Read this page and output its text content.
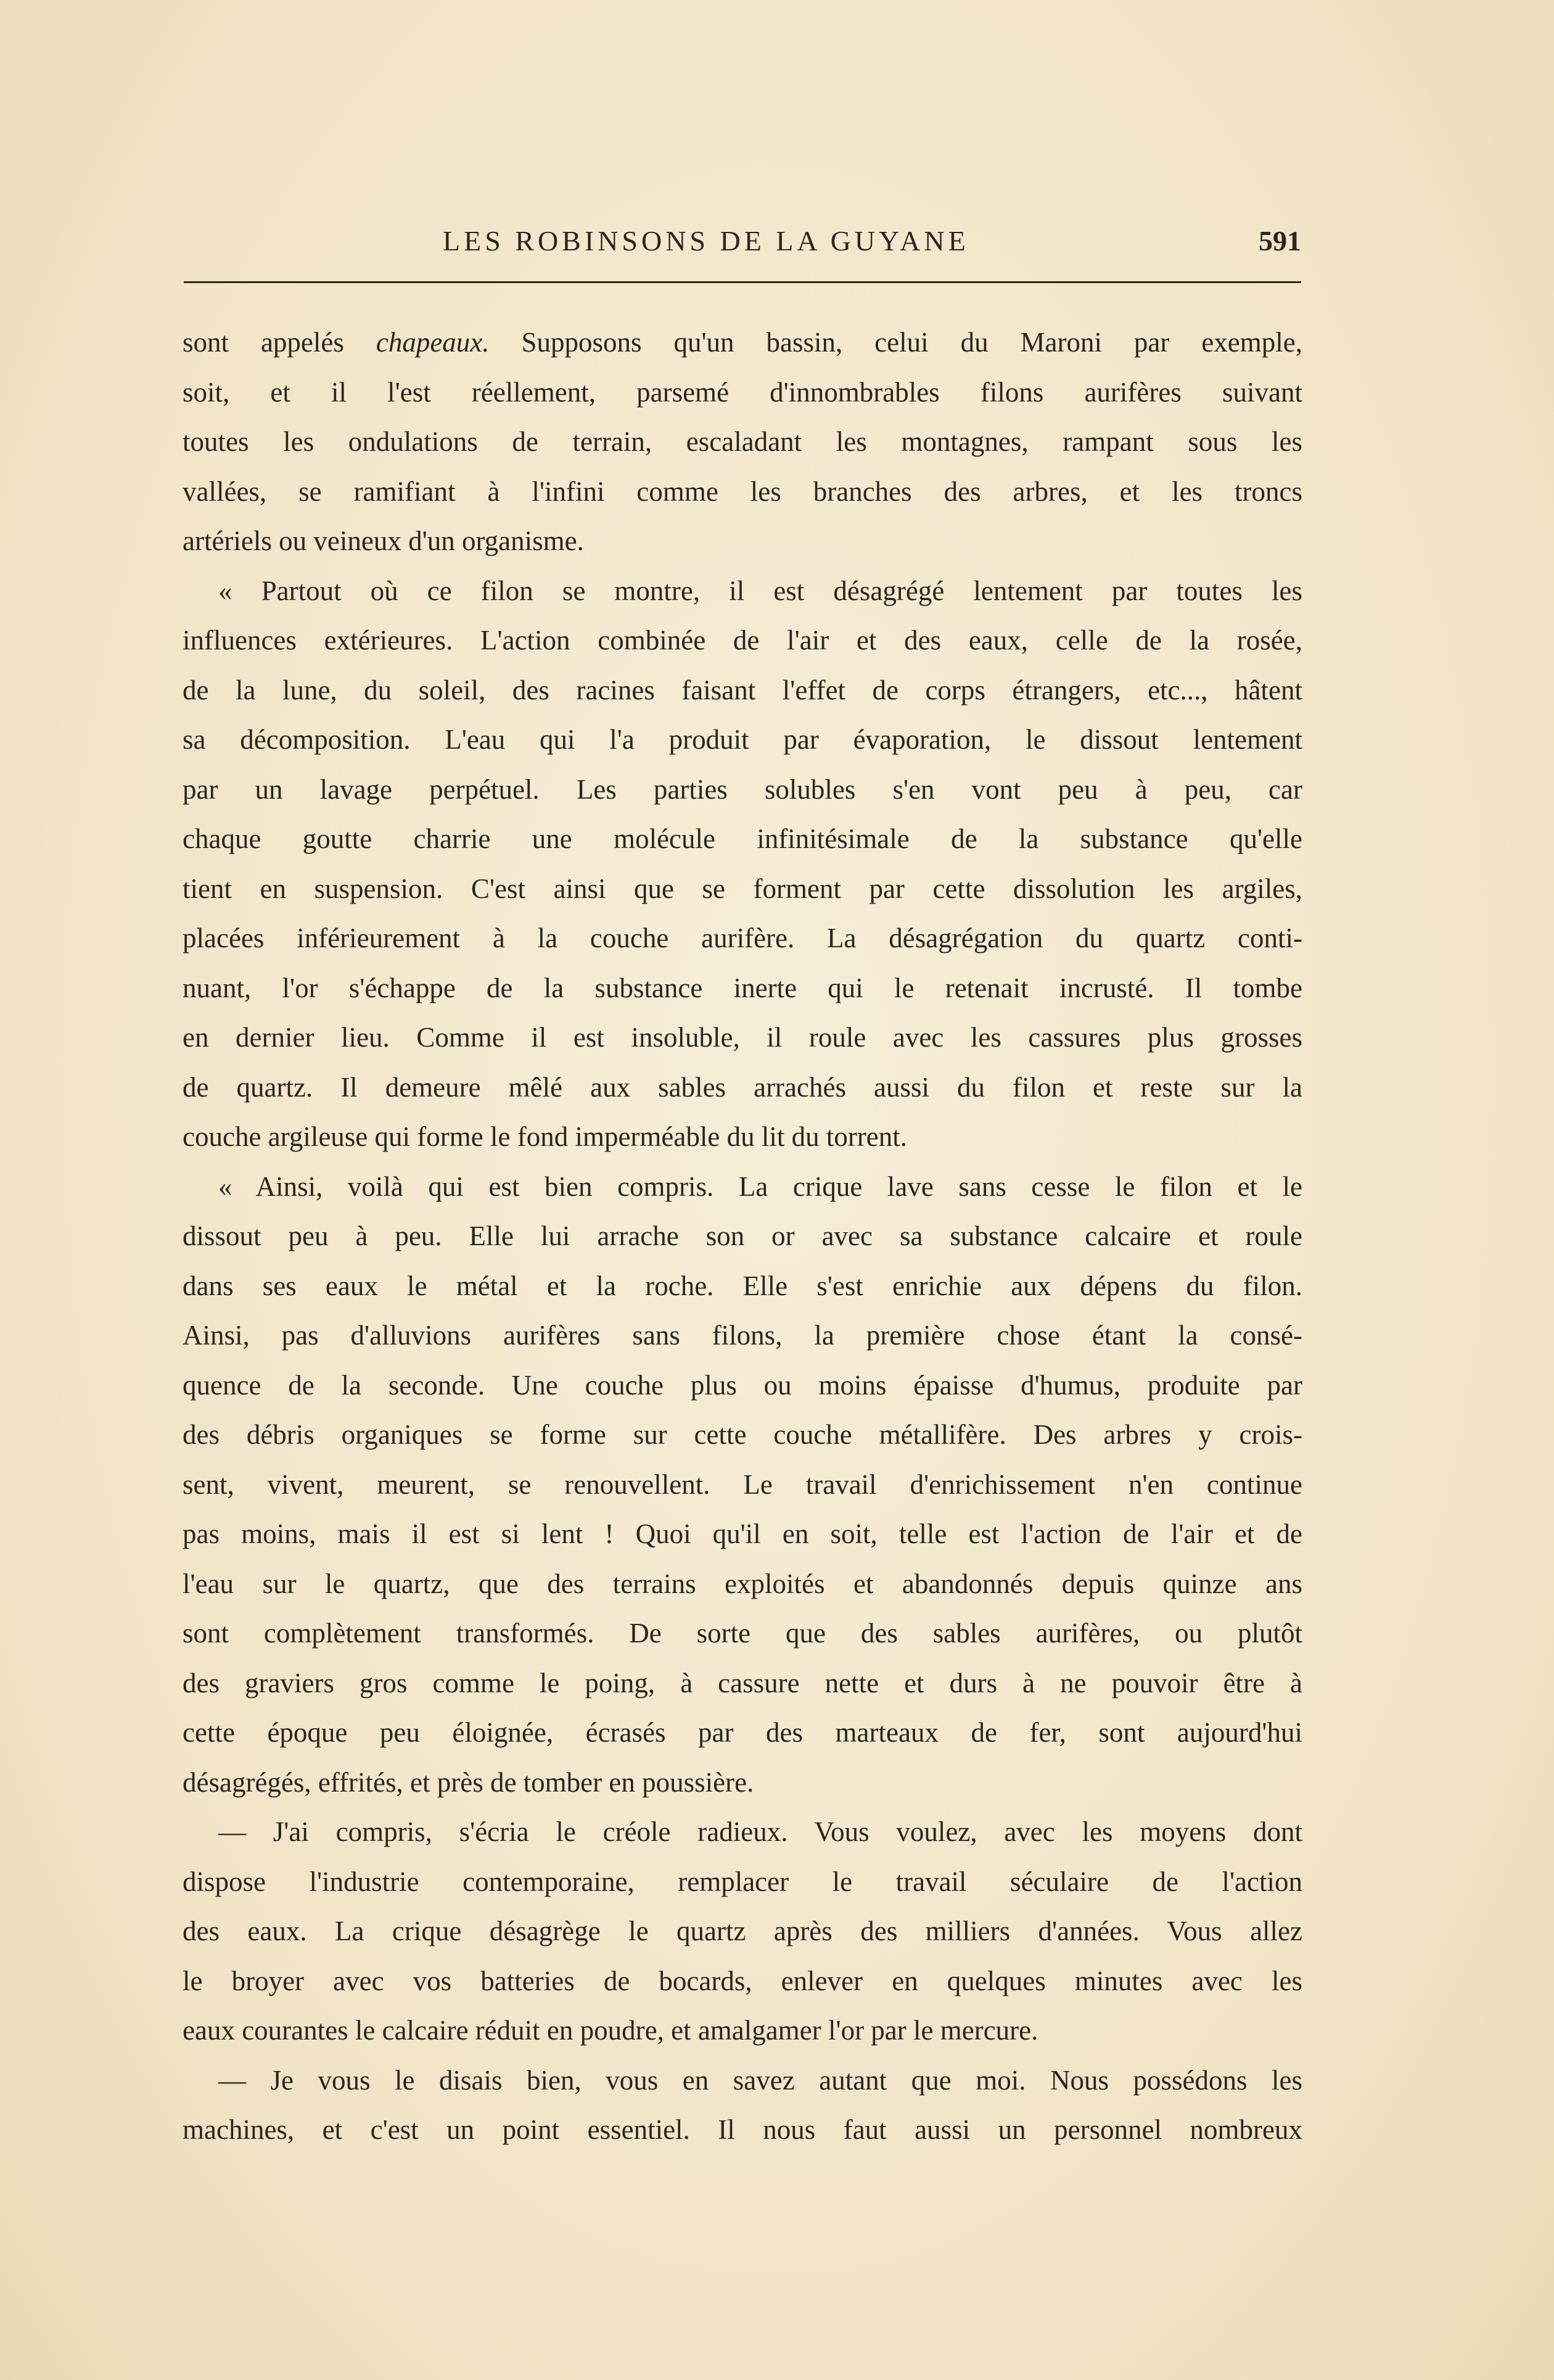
LES ROBINSONS DE LA GUYANE	591
sont appelés chapeaux. Supposons qu'un bassin, celui du Maroni par exemple,
soit, et il l'est réellement, parsemé d'innombrables filons aurifères suivant
toutes les ondulations de terrain, escaladant les montagnes, rampant sous les
vallées, se ramifiant à l'infini comme les branches des arbres, et les troncs
artériels ou veineux d'un organisme.
« Partout où ce filon se montre, il est désagrégé lentement par toutes les
influences extérieures. L'action combinée de l'air et des eaux, celle de la rosée,
de la lune, du soleil, des racines faisant l'effet de corps étrangers, etc..., hâtent
sa décomposition. L'eau qui l'a produit par évaporation, le dissout lentement
par un lavage perpétuel. Les parties solubles s'en vont peu à peu, car
chaque goutte charrie une molécule infinitésimale de la substance qu'elle
tient en suspension. C'est ainsi que se forment par cette dissolution les argiles,
placées inférieurement à la couche aurifère. La désagrégation du quartz conti-
nuant, l'or s'échappe de la substance inerte qui le retenait incrusté. Il tombe
en dernier lieu. Comme il est insoluble, il roule avec les cassures plus grosses
de quartz. Il demeure mêlé aux sables arrachés aussi du filon et reste sur la
couche argileuse qui forme le fond imperméable du lit du torrent.
« Ainsi, voilà qui est bien compris. La crique lave sans cesse le filon et le
dissout peu à peu. Elle lui arrache son or avec sa substance calcaire et roule
dans ses eaux le métal et la roche. Elle s'est enrichie aux dépens du filon.
Ainsi, pas d'alluvions aurifères sans filons, la première chose étant la consé-
quence de la seconde. Une couche plus ou moins épaisse d'humus, produite par
des débris organiques se forme sur cette couche métallifère. Des arbres y crois-
sent, vivent, meurent, se renouvellent. Le travail d'enrichissement n'en continue
pas moins, mais il est si lent ! Quoi qu'il en soit, telle est l'action de l'air et de
l'eau sur le quartz, que des terrains exploités et abandonnés depuis quinze ans
sont complètement transformés. De sorte que des sables aurifères, ou plutôt
des graviers gros comme le poing, à cassure nette et durs à ne pouvoir être à
cette époque peu éloignée, écrasés par des marteaux de fer, sont aujourd'hui
désagrégés, effrités, et près de tomber en poussière.
— J'ai compris, s'écria le créole radieux. Vous voulez, avec les moyens dont
dispose l'industrie contemporaine, remplacer le travail séculaire de l'action
des eaux. La crique désagrège le quartz après des milliers d'années. Vous allez
le broyer avec vos batteries de bocards, enlever en quelques minutes avec les
eaux courantes le calcaire réduit en poudre, et amalgamer l'or par le mercure.
— Je vous le disais bien, vous en savez autant que moi. Nous possédons les
machines, et c'est un point essentiel. Il nous faut aussi un personnel nombreux
